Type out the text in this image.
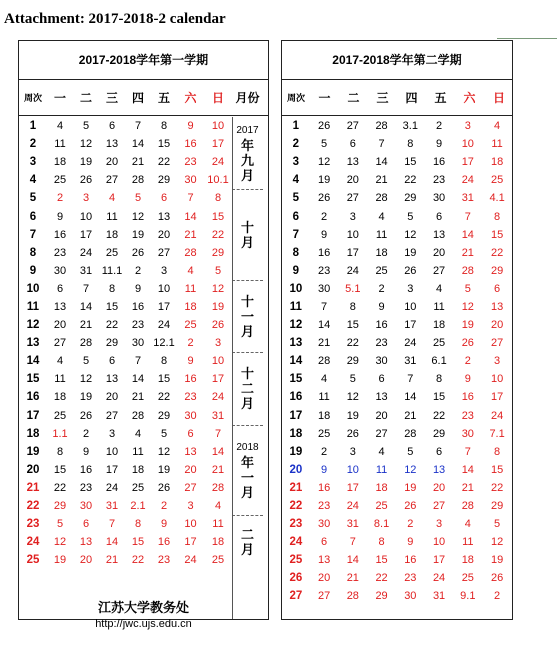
Attachment: 2017-2018-2 calendar
2017-2018学年第一学期
周次 一	二	三	四	五	六	日 月份
1	4	5	6	7	8	9	10
2	11	12	13	14	15	16	17
3	18	19	20	21	22	23	24
4	25	26	27	28	29	30	10.1
5	2	3	4	5	6	7	8
6	9	10	11	12	13	14	15
7	16	17	18	19	20	21	22
8	23	24	25	26	27	28	29
9	30	31	11.1	2	3	4	5
10	6	7	8	9	10	11	12
11	13	14	15	16	17	18	19
12	20	21	22	23	24	25	26
13	27	28	29	30	12.1	2	3
14	4	5	6	7	8	9	10
15	11	12	13	14	15	16	17
16	18	19	20	21	22	23	24
17	25	26	27	28	29	30	31
18	1.1	2	3	4	5	6	7
19	8	9	10	11	12	13	14
20	15	16	17	18	19	20	21
21	22	23	24	25	26	27	28
22	29	30	31	2.1	2	3	4
23	5	6	7	8	9	10	11
24	12	13	14	15	16	17	18
25	19	20	21	22	23	24	25
2017
年
九
月
十
月
十
一
月
十
二
月
2018
年
一
月
二
月
2017-2018学年第二学期
周次	一	二	三	四	五	六	日
1	26	27	28	3.1	2	3	4
2	5	6	7	8	9	10	11
3	12	13	14	15	16	17	18
4	19	20	21	22	23	24	25
5	26	27	28	29	30	31	4.1
6	2	3	4	5	6	7	8
7	9	10	11	12	13	14	15
8	16	17	18	19	20	21	22
9	23	24	25	26	27	28	29
10	30	5.1	2	3	4	5	6
11	7	8	9	10	11	12	13
12	14	15	16	17	18	19	20
13	21	22	23	24	25	26	27
14	28	29	30	31	6.1	2	3
15	4	5	6	7	8	9	10
16	11	12	13	14	15	16	17
17	18	19	20	21	22	23	24
18	25	26	27	28	29	30	7.1
19	2	3	4	5	6	7	8
20	9	10	11	12	13	14	15
21	16	17	18	19	20	21	22
22	23	24	25	26	27	28	29
23	30	31	8.1	2	3	4	5
24	6	7	8	9	10	11	12
25	13	14	15	16	17	18	19
26	20	21	22	23	24	25	26
27	27	28	29	30	31	9.1	2
江苏大学教务处
http://jwc.ujs.edu.cn
